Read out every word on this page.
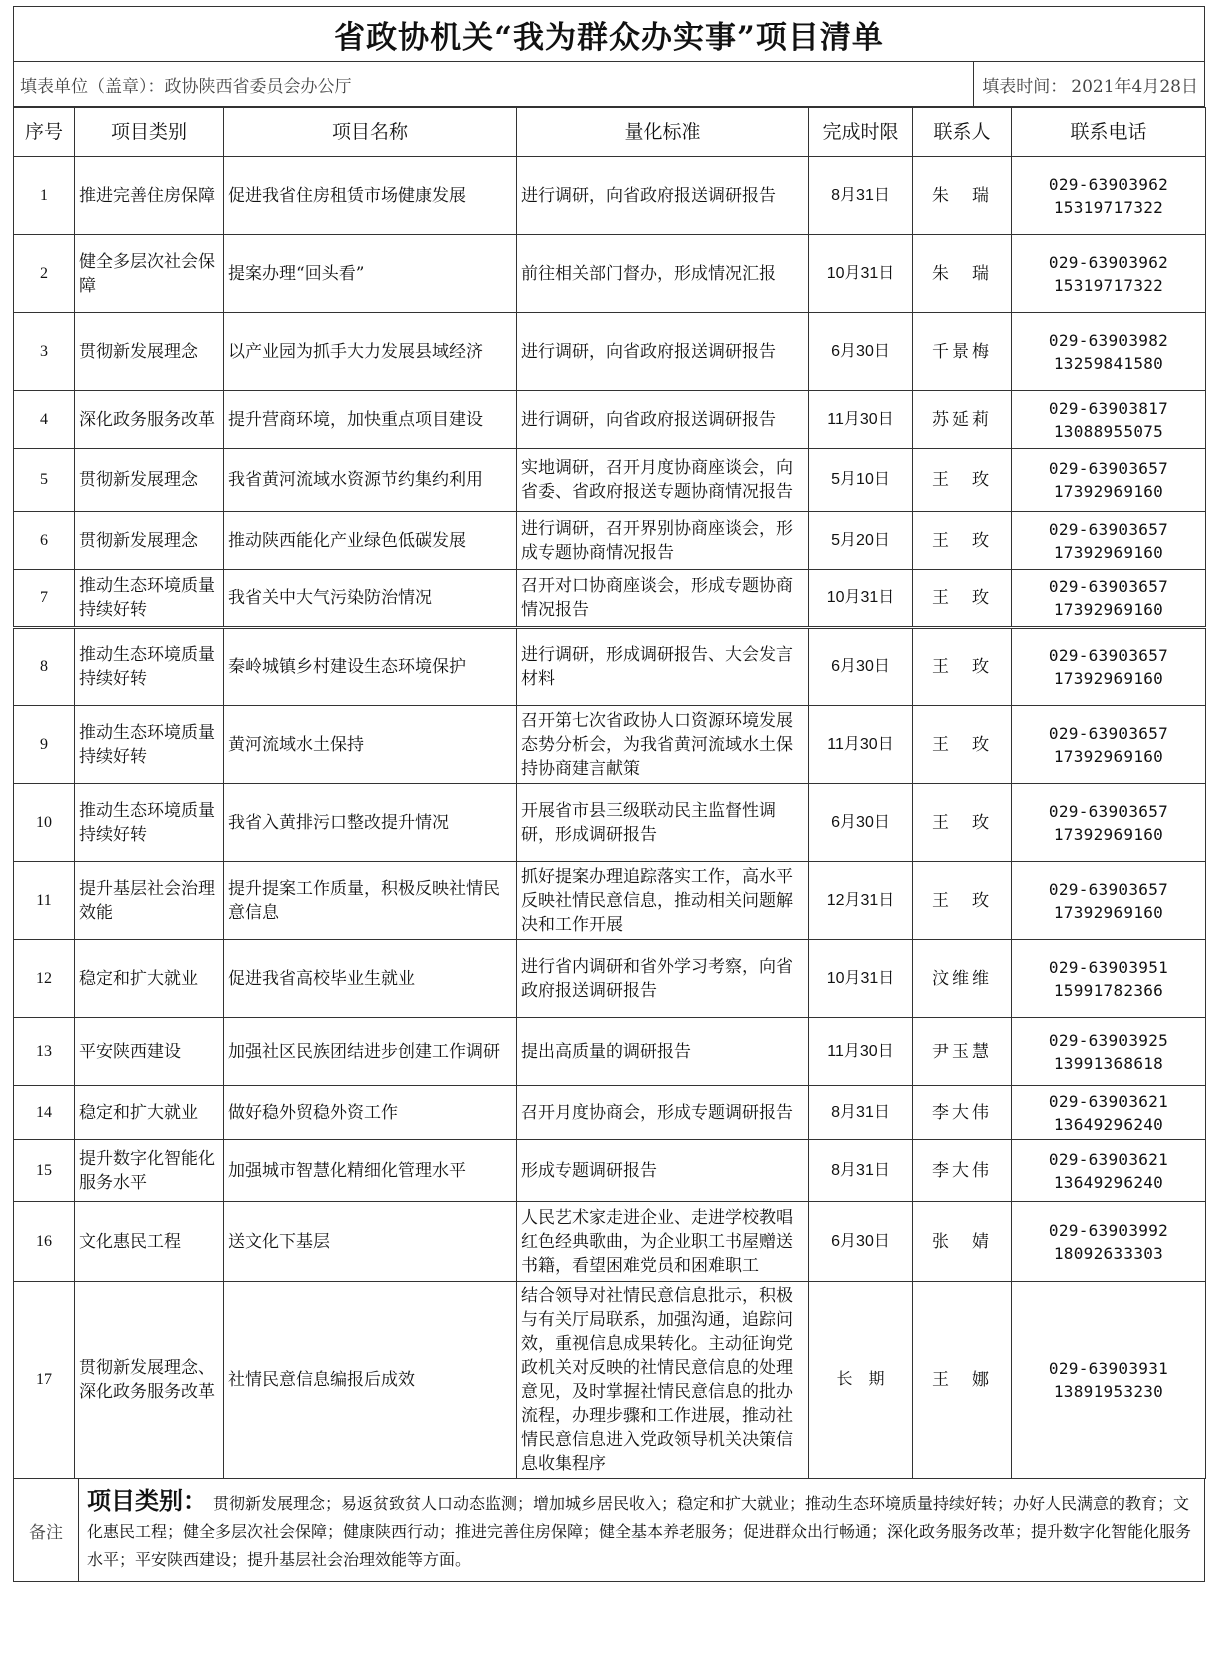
省政协机关“我为群众办实事”项目清单
填表单位（盖章）：政协陕西省委员会办公厅	填表时间： 2021年4月28日
序号	项目类别	项目名称	量化标准	完成时限	联系人	联系电话
1	推进完善住房保障	促进我省住房租赁市场健康发展	进行调研，向省政府报送调研报告	8月31日	朱　瑞	029-63903962
15319717322

2	健全多层次社会保障	提案办理“回头看”	前往相关部门督办，形成情况汇报	10月31日	朱　瑞	029-63903962
15319717322

3	贯彻新发展理念	以产业园为抓手大力发展县域经济	进行调研，向省政府报送调研报告	6月30日	千景梅	029-63903982
13259841580

4	深化政务服务改革	提升营商环境，加快重点项目建设	进行调研，向省政府报送调研报告	11月30日	苏延莉	029-63903817
13088955075

5	贯彻新发展理念	我省黄河流域水资源节约集约利用	实地调研，召开月度协商座谈会，向省委、省政府报送专题协商情况报告	5月10日	王　玫	029-63903657
17392969160

6	贯彻新发展理念	推动陕西能化产业绿色低碳发展	进行调研，召开界别协商座谈会，形成专题协商情况报告	5月20日	王　玫	029-63903657
17392969160

7	推动生态环境质量持续好转	我省关中大气污染防治情况	召开对口协商座谈会，形成专题协商情况报告	10月31日	王　玫	029-63903657
17392969160

8	推动生态环境质量持续好转	秦岭城镇乡村建设生态环境保护	进行调研，形成调研报告、大会发言材料	6月30日	王　玫	029-63903657
17392969160

9	推动生态环境质量持续好转	黄河流域水土保持	召开第七次省政协人口资源环境发展态势分析会，为我省黄河流域水土保持协商建言献策	11月30日	王　玫	029-63903657
17392969160

10	推动生态环境质量持续好转	我省入黄排污口整改提升情况	开展省市县三级联动民主监督性调研，形成调研报告	6月30日	王　玫	029-63903657
17392969160

11	提升基层社会治理效能	提升提案工作质量，积极反映社情民意信息	抓好提案办理追踪落实工作，高水平反映社情民意信息，推动相关问题解决和工作开展	12月31日	王　玫	029-63903657
17392969160

12	稳定和扩大就业	促进我省高校毕业生就业	进行省内调研和省外学习考察，向省政府报送调研报告	10月31日	汶维维	029-63903951
15991782366

13	平安陕西建设	加强社区民族团结进步创建工作调研	提出高质量的调研报告	11月30日	尹玉慧	029-63903925
13991368618

14	稳定和扩大就业	做好稳外贸稳外资工作	召开月度协商会，形成专题调研报告	8月31日	李大伟	029-63903621
13649296240

15	提升数字化智能化服务水平	加强城市智慧化精细化管理水平	形成专题调研报告	8月31日	李大伟	029-63903621
13649296240

16	文化惠民工程	送文化下基层	人民艺术家走进企业、走进学校教唱红色经典歌曲，为企业职工书屋赠送书籍，看望困难党员和困难职工	6月30日	张　婧	029-63903992
18092633303

17	贯彻新发展理念、深化政务服务改革	社情民意信息编报后成效	结合领导对社情民意信息批示，积极与有关厅局联系，加强沟通，追踪问效，重视信息成果转化。主动征询党政机关对反映的社情民意信息的处理意见，及时掌握社情民意信息的批办流程，办理步骤和工作进展，推动社情民意信息进入党政领导机关决策信息收集程序	长　期	王　娜	029-63903931
13891953230
备注
项目类别： 贯彻新发展理念；易返贫致贫人口动态监测；增加城乡居民收入；稳定和扩大就业；推动生态环境质量持续好转；办好人民满意的教育；文化惠民工程；健全多层次社会保障；健康陕西行动；推进完善住房保障；健全基本养老服务；促进群众出行畅通；深化政务服务改革；提升数字化智能化服务水平；平安陕西建设；提升基层社会治理效能等方面。
